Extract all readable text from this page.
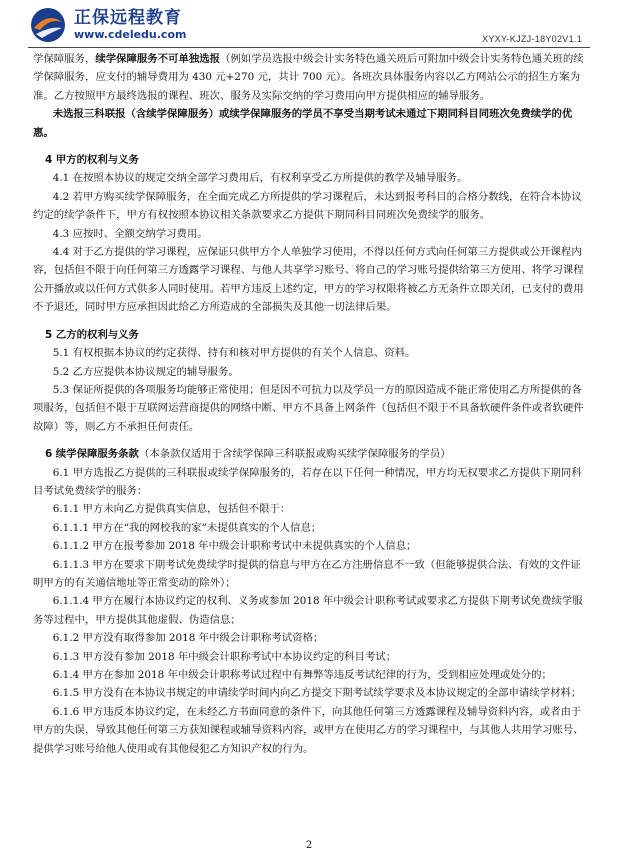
正保远程教育
www.cdeledu.com	XYXY-KJZJ-18Y02V1.1

学保障服务，续学保障服务不可单独选报（例如学员选报中级会计实务特色通关班后可附加中级会计实务特色通关班的续学保障服务，应支付的辅导费用为 430 元+270 元，共计 700 元）。各班次具体服务内容以乙方网站公示的招生方案为准。乙方按照甲方最终选报的课程、班次、服务及实际交纳的学习费用向甲方提供相应的辅导服务。

未选报三科联报（含续学保障服务）或续学保障服务的学员不享受当期考试未通过下期同科目同班次免费续学的优惠。

4 甲方的权利与义务

4.1 在按照本协议的规定交纳全部学习费用后，有权利享受乙方所提供的教学及辅导服务。

4.2 若甲方购买续学保障服务，在全面完成乙方所提供的学习课程后，未达到报考科目的合格分数线，在符合本协议约定的续学条件下，甲方有权按照本协议相关条款要求乙方提供下期同科目同班次免费续学的服务。

4.3 应按时、全额交纳学习费用。

4.4 对于乙方提供的学习课程，应保证只供甲方个人单独学习使用，不得以任何方式向任何第三方提供或公开课程内容，包括但不限于向任何第三方透露学习课程、与他人共享学习账号、将自己的学习账号提供给第三方使用、将学习课程公开播放或以任何方式供多人同时使用。若甲方违反上述约定，甲方的学习权限将被乙方无条件立即关闭，已支付的费用不予退还，同时甲方应承担因此给乙方所造成的全部损失及其他一切法律后果。

5 乙方的权利与义务

5.1 有权根据本协议的约定获得、持有和核对甲方提供的有关个人信息、资料。

5.2 乙方应提供本协议规定的辅导服务。

5.3 保证所提供的各项服务均能够正常使用；但是因不可抗力以及学员一方的原因造成不能正常使用乙方所提供的各项服务，包括但不限于互联网运营商提供的网络中断、甲方不具备上网条件（包括但不限于不具备软硬件条件或者软硬件故障）等，则乙方不承担任何责任。

6 续学保障服务条款（本条款仅适用于含续学保障三科联报或购买续学保障服务的学员）

6.1 甲方选报乙方提供的三科联报或续学保障服务的，若存在以下任何一种情况，甲方均无权要求乙方提供下期同科目考试免费续学的服务：

6.1.1 甲方未向乙方提供真实信息，包括但不限于：

6.1.1.1 甲方在“我的网校我的家”未提供真实的个人信息；

6.1.1.2 甲方在报考参加 2018 年中级会计职称考试中未提供真实的个人信息；

6.1.1.3 甲方在要求下期考试免费续学时提供的信息与甲方在乙方注册信息不一致（但能够提供合法、有效的文件证明甲方的有关通信地址等正常变动的除外）；

6.1.1.4 甲方在履行本协议约定的权利、义务或参加 2018 年中级会计职称考试或要求乙方提供下期考试免费续学服务等过程中，甲方提供其他虚假、伪造信息；

6.1.2 甲方没有取得参加 2018 年中级会计职称考试资格；

6.1.3 甲方没有参加 2018 年中级会计职称考试中本协议约定的科目考试；

6.1.4 甲方在参加 2018 年中级会计职称考试过程中有舞弊等违反考试纪律的行为，受到相应处理或处分的；

6.1.5 甲方没有在本协议书规定的申请续学时间内向乙方提交下期考试续学要求及本协议规定的全部申请续学材料；

6.1.6 甲方违反本协议约定，在未经乙方书面同意的条件下，向其他任何第三方透露课程及辅导资料内容，或者由于甲方的失误，导致其他任何第三方获知课程或辅导资料内容，或甲方在使用乙方的学习课程中，与其他人共用学习账号、提供学习账号给他人使用或有其他侵犯乙方知识产权的行为。

2
